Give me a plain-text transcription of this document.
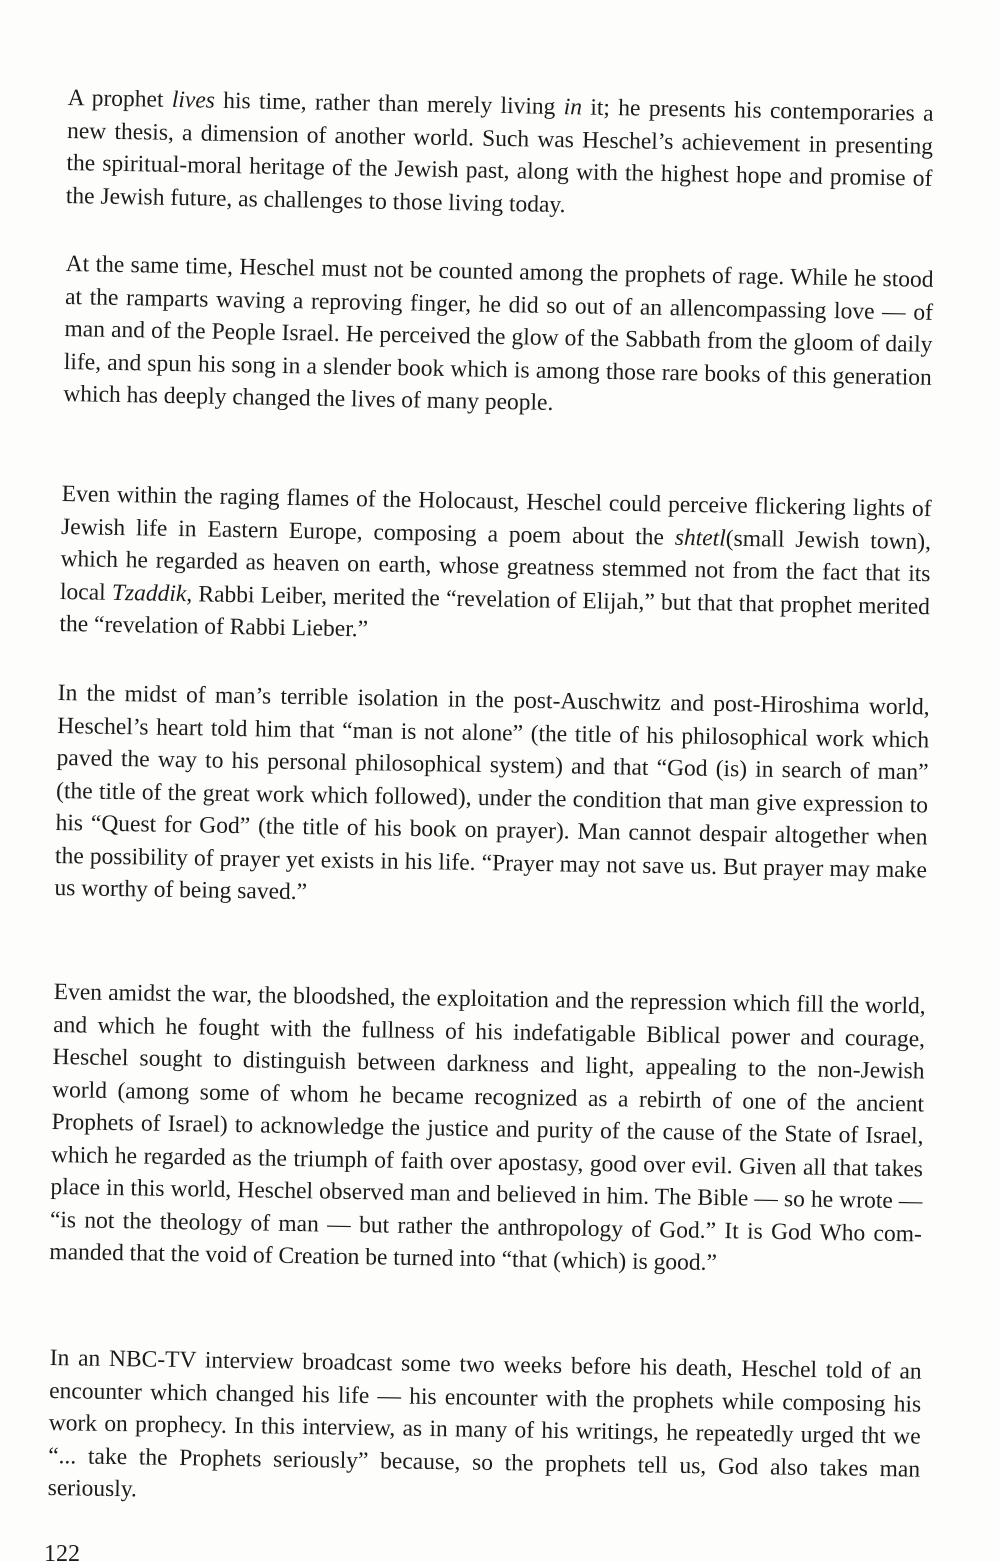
A prophet lives his time, rather than merely living in it; he presents his contemporaries a new thesis, a dimension of another world. Such was Heschel’s achievement in presenting the spiritual-moral heritage of the Jewish past, along with the highest hope and promise of the Jewish future, as challenges to those living today.

At the same time, Heschel must not be counted among the prophets of rage. While he stood at the ramparts waving a reproving finger, he did so out of an allencompassing love — of man and of the People Israel. He perceived the glow of the Sabbath from the gloom of daily life, and spun his song in a slender book which is among those rare books of this generation which has deeply changed the lives of many people.

Even within the raging flames of the Holocaust, Heschel could perceive flickering lights of Jewish life in Eastern Europe, composing a poem about the shtetl(small Jewish town), which he regarded as heaven on earth, whose greatness stemmed not from the fact that its local Tzaddik, Rabbi Leiber, merited the “revelation of Elijah,” but that that prophet merited the “revelation of Rabbi Lieber.”

In the midst of man’s terrible isolation in the post-Auschwitz and post-Hiroshima world, Heschel’s heart told him that “man is not alone” (the title of his philosophical work which paved the way to his personal philosophical system) and that “God (is) in search of man” (the title of the great work which followed), under the condition that man give expression to his “Quest for God” (the title of his book on prayer). Man cannot despair altogether when the possibility of prayer yet exists in his life. “Prayer may not save us. But prayer may make us worthy of being saved.”

Even amidst the war, the bloodshed, the exploitation and the repression which fill the world, and which he fought with the fullness of his indefatigable Biblical power and courage, Heschel sought to distinguish between darkness and light, appealing to the non-Jewish world (among some of whom he became recognized as a rebirth of one of the ancient Prophets of Israel) to acknowledge the justice and purity of the cause of the State of Israel, which he regarded as the triumph of faith over apostasy, good over evil. Given all that takes place in this world, Heschel observed man and believed in him. The Bible — so he wrote — “is not the theology of man — but rather the anthropology of God.” It is God Who commanded that the void of Creation be turned into “that (which) is good.”

In an NBC-TV interview broadcast some two weeks before his death, Heschel told of an encounter which changed his life — his encounter with the prophets while composing his work on prophecy. In this interview, as in many of his writings, he repeatedly urged tht we “... take the Prophets seriously” because, so the prophets tell us, God also takes man seriously.

122
